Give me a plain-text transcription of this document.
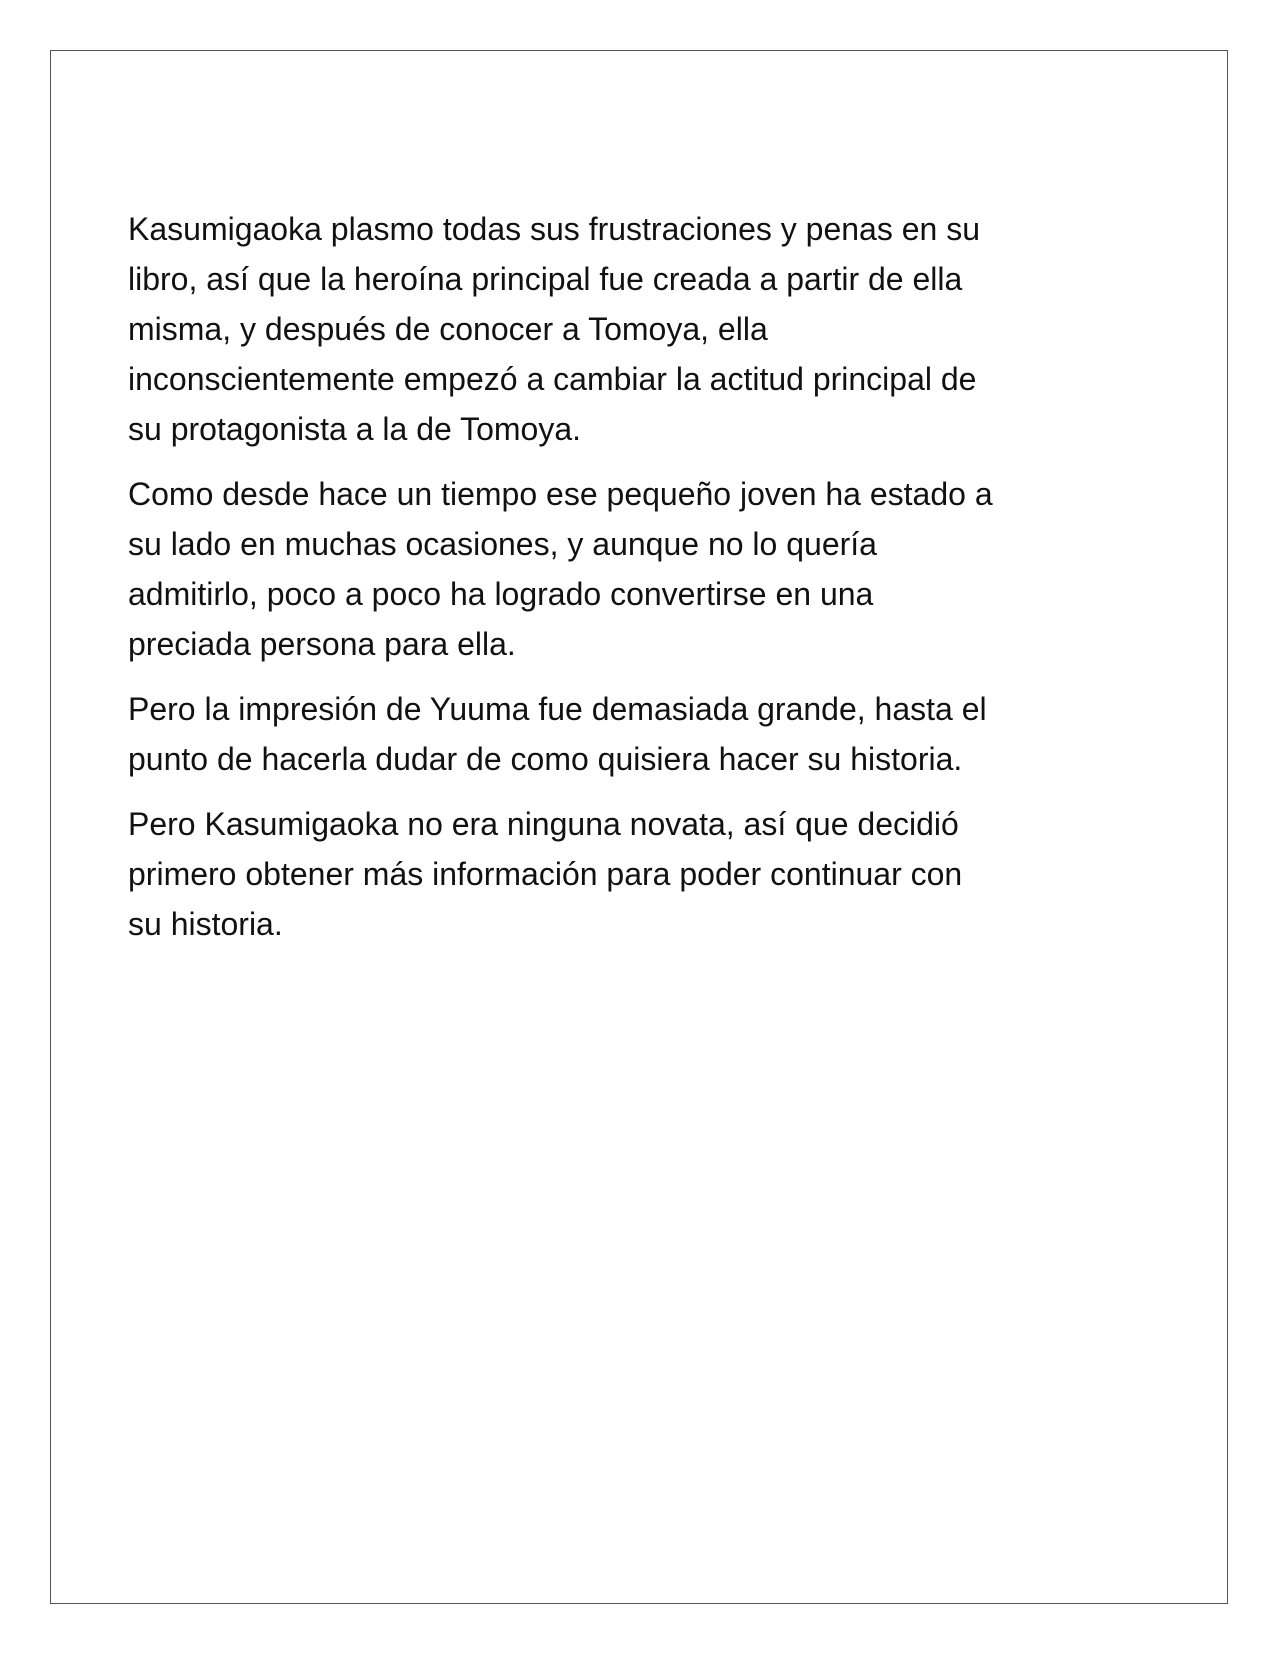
Kasumigaoka plasmo todas sus frustraciones y penas en su
libro, así que la heroína principal fue creada a partir de ella
misma, y después de conocer a Tomoya, ella
inconscientemente empezó a cambiar la actitud principal de
su protagonista a la de Tomoya.

Como desde hace un tiempo ese pequeño joven ha estado a
su lado en muchas ocasiones, y aunque no lo quería
admitirlo, poco a poco ha logrado convertirse en una
preciada persona para ella.

Pero la impresión de Yuuma fue demasiada grande, hasta el
punto de hacerla dudar de como quisiera hacer su historia.

Pero Kasumigaoka no era ninguna novata, así que decidió
primero obtener más información para poder continuar con
su historia.
